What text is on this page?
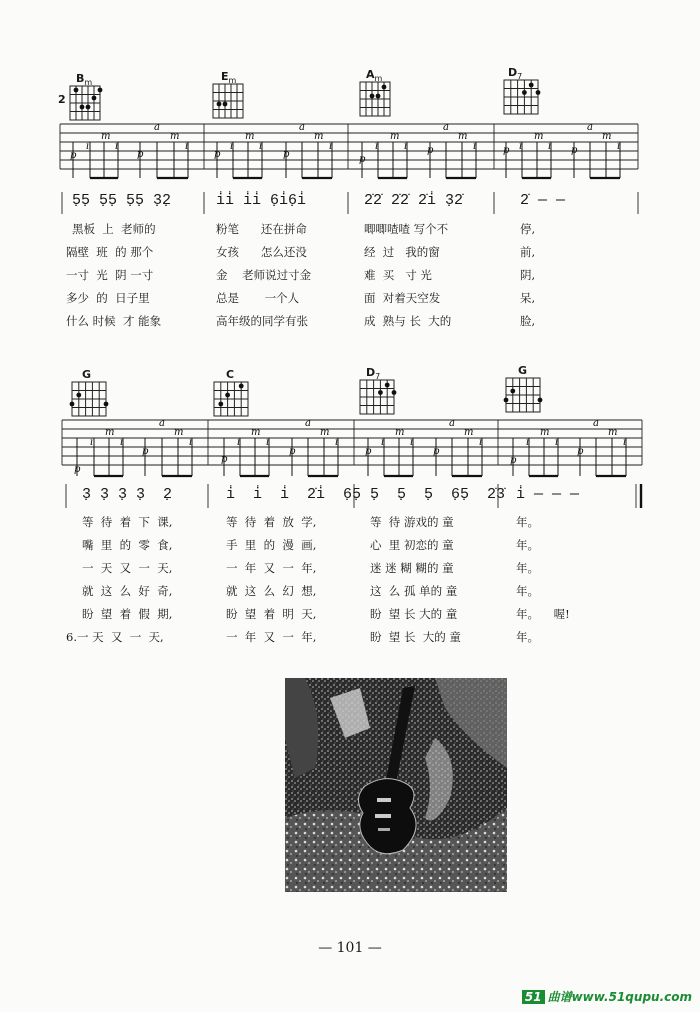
2
$B_m$	$E_m$	$A_m$	$D_7$
p
i
m
i
p
a
m
i
p
i
m
i
p
a
m
i
p
i
m
i p
a
m
i	p i
m
i p
a
m
i
5̣5̣ 5̣5̣ 5̣5̣ 3̣2̣	i̇i̇ i̇i̇ 6̣i̇6̣i̇	2̇2̇ 2̇2̇ 2̇i̇ 3̣2̇	2̇ — —
黑板  上  老师的	粉笔      还在拼命	唧唧喳喳 写个不	停,
隔壁  班  的 那个	女孩      怎么还没	经  过   我的窗	前,
一寸  光  阴 一寸	金    老师说过寸金	难  买   寸 光	阴,
多少  的  日子里	总是       一个人	面  对着天空发	呆,
什么 时候  才 能象	高年级的同学有张	成  熟与 长  大的	脸,
G	C	$D_7$	G
p
i
m
i
p
a
m
i
p
i
m
i
p
a
m
i
p
i
m
i
p
a
m
i
p
i
m
i
p
a
m
i
3̣ 3̣ 3̣ 3̣  2̣	i̇  i̇  i̇  2̇i̇  6̣5̣ 5̣  5̣  5̣  6̣5̣  2̇3̇ i̇ — — —
等  待  着  下  课,	等  待  着  放  学,	等  待 游戏的 童	年。
嘴  里  的  零  食,	手  里  的  漫  画,	心  里 初恋的 童	年。
一  天  又  一  天,	一  年  又  一  年,	迷 迷 糊 糊的 童	年。
就  这  么  好  奇,	就  这  么  幻  想,	这  么 孤 单的 童	年。
盼  望  着  假  期,	盼  望  着  明  天,	盼  望 长 大的 童	年。    喔!
6.一 天  又  一  天,	一  年  又  一  年,	盼  望 长  大的 童	年。
— 101 —
51 曲谱www.51qupu.com
